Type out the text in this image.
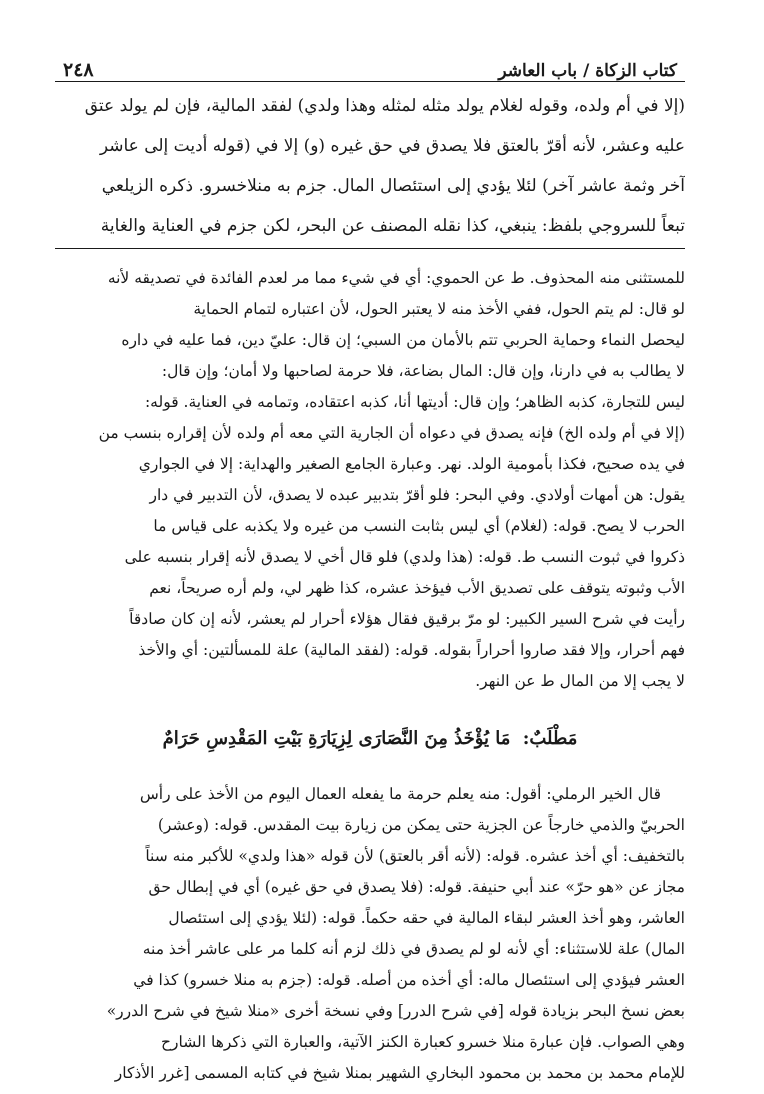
كتاب الزكاة / باب العاشر
٢٤٨
(إلا في أم ولده، وقوله لغلام يولد مثله لمثله وهذا ولدي) لفقد المالية، فإن لم يولد عتق
عليه وعشر، لأنه أقرّ بالعتق فلا يصدق في حق غيره (و) إلا في (قوله أديت إلى عاشر
آخر وثمة عاشر آخر) لئلا يؤدي إلى استئصال المال. جزم به منلاخسرو. ذكره الزيلعي
تبعاً للسروجي بلفظ: ينبغي، كذا نقله المصنف عن البحر، لكن جزم في العناية والغاية
للمستثنى منه المحذوف. ط عن الحموي: أي في شيء مما مر لعدم الفائدة في تصديقه لأنه
لو قال: لم يتم الحول، ففي الأخذ منه لا يعتبر الحول، لأن اعتباره لتمام الحماية
ليحصل النماء وحماية الحربي تتم بالأمان من السبي؛ إن قال: عليّ دين، فما عليه في داره
لا يطالب به في دارنا، وإن قال: المال بضاعة، فلا حرمة لصاحبها ولا أمان؛ وإن قال:
ليس للتجارة، كذبه الظاهر؛ وإن قال: أديتها أنا، كذبه اعتقاده، وتمامه في العناية. قوله:
(إلا في أم ولده الخ) فإنه يصدق في دعواه أن الجارية التي معه أم ولده لأن إقراره بنسب من
في يده صحيح، فكذا بأمومية الولد. نهر. وعبارة الجامع الصغير والهداية: إلا في الجواري
يقول: هن أمهات أولادي. وفي البحر: فلو أقرّ بتدبير عبده لا يصدق، لأن التدبير في دار
الحرب لا يصح. قوله: (لغلام) أي ليس بثابت النسب من غيره ولا يكذبه على قياس ما
ذكروا في ثبوت النسب ط. قوله: (هذا ولدي) فلو قال أخي لا يصدق لأنه إقرار بنسبه على
الأب وثبوته يتوقف على تصديق الأب فيؤخذ عشره، كذا ظهر لي، ولم أره صريحاً، نعم
رأيت في شرح السير الكبير: لو مرّ برقيق فقال هؤلاء أحرار لم يعشر، لأنه إن كان صادقاً
فهم أحرار، وإلا فقد صاروا أحراراً بقوله. قوله: (لفقد المالية) علة للمسألتين: أي والأخذ
لا يجب إلا من المال ط عن النهر.
مَطْلَبٌ: مَا يُؤْخَذُ مِنَ النَّصَارَى لِزِيَارَةِ بَيْتِ المَقْدِسِ حَرَامٌ
قال الخير الرملي: أقول: منه يعلم حرمة ما يفعله العمال اليوم من الأخذ على رأس
الحربيّ والذمي خارجاً عن الجزية حتى يمكن من زيارة بيت المقدس. قوله: (وعشر)
بالتخفيف: أي أخذ عشره. قوله: (لأنه أقر بالعتق) لأن قوله «هذا ولدي» للأكبر منه سناً
مجاز عن «هو حرّ» عند أبي حنيفة. قوله: (فلا يصدق في حق غيره) أي في إبطال حق
العاشر، وهو أخذ العشر لبقاء المالية في حقه حكماً. قوله: (لئلا يؤدي إلى استئصال
المال) علة للاستثناء: أي لأنه لو لم يصدق في ذلك لزم أنه كلما مر على عاشر أخذ منه
العشر فيؤدي إلى استئصال ماله: أي أخذه من أصله. قوله: (جزم به منلا خسرو) كذا في
بعض نسخ البحر بزيادة قوله [في شرح الدرر] وفي نسخة أخرى «منلا شيخ في شرح الدرر»
وهي الصواب. فإن عبارة منلا خسرو كعبارة الكنز الآتية، والعبارة التي ذكرها الشارح
للإمام محمد بن محمد بن محمود البخاري الشهير بمنلا شيخ في كتابه المسمى [غرر الأذكار
